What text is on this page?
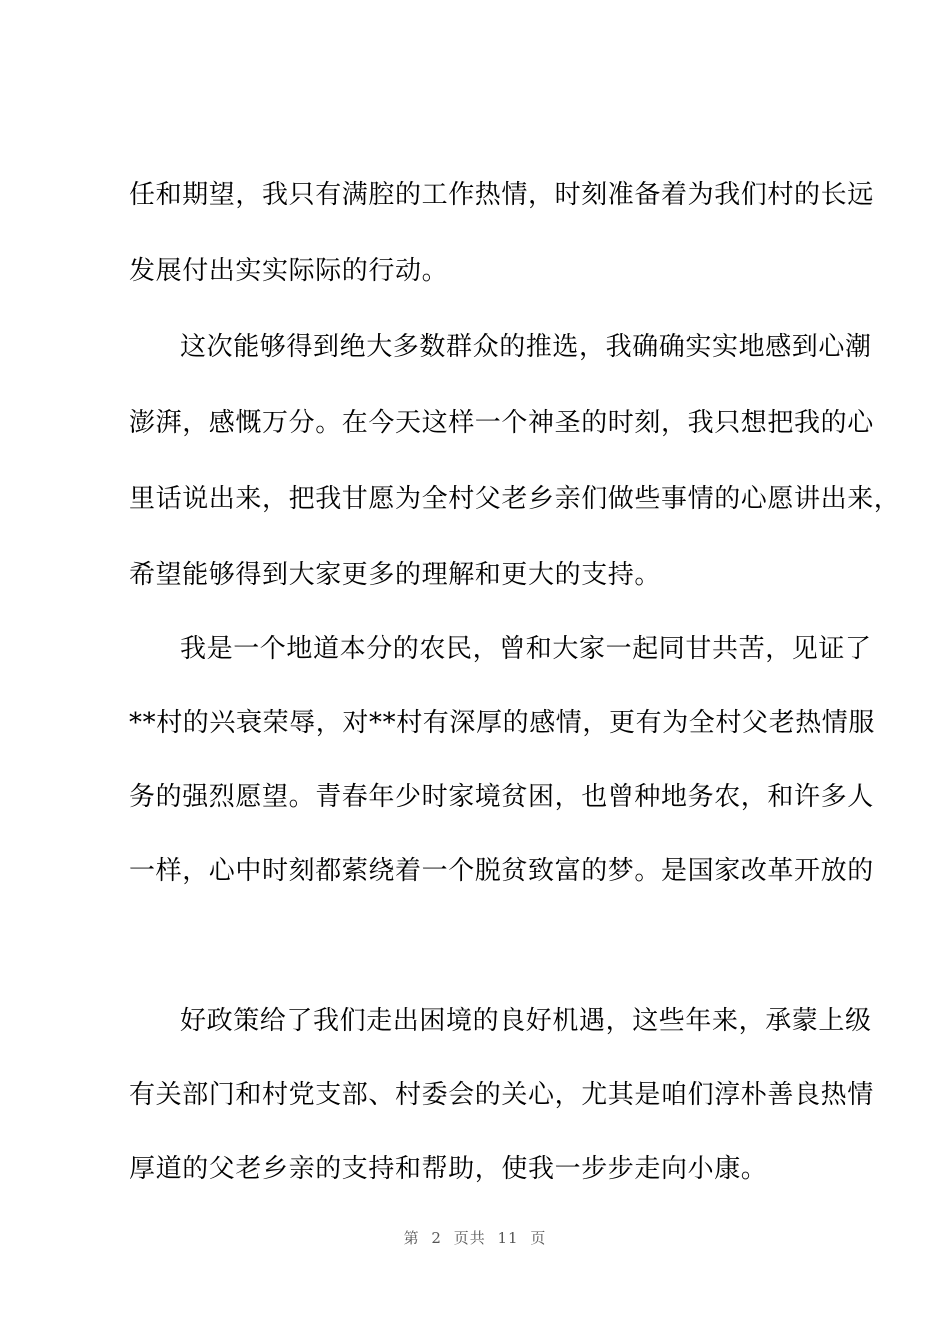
任和期望，我只有满腔的工作热情，时刻准备着为我们村的长远
发展付出实实际际的行动。
这次能够得到绝大多数群众的推选，我确确实实地感到心潮
澎湃，感慨万分。在今天这样一个神圣的时刻，我只想把我的心
里话说出来，把我甘愿为全村父老乡亲们做些事情的心愿讲出来，
希望能够得到大家更多的理解和更大的支持。
我是一个地道本分的农民，曾和大家一起同甘共苦，见证了
**村的兴衰荣辱，对**村有深厚的感情，更有为全村父老热情服
务的强烈愿望。青春年少时家境贫困，也曾种地务农，和许多人
一样，心中时刻都萦绕着一个脱贫致富的梦。是国家改革开放的
好政策给了我们走出困境的良好机遇，这些年来，承蒙上级
有关部门和村党支部、村委会的关心，尤其是咱们淳朴善良热情
厚道的父老乡亲的支持和帮助，使我一步步走向小康。
第 2 页共 11 页
